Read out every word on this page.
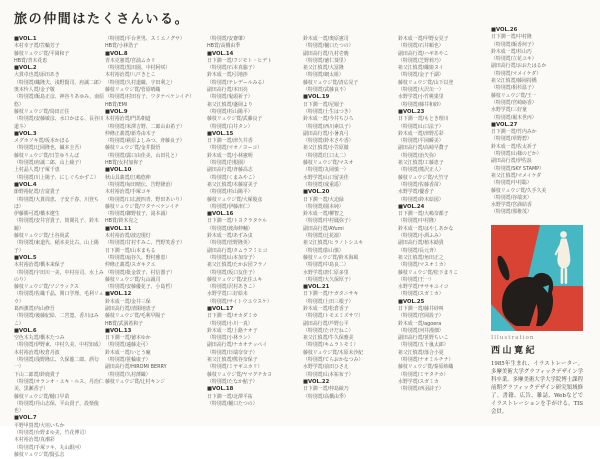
旅の仲間はたくさんいる。
■VOL.1
木村幸子賞/笠輪芳子
藤枝リュウジ賞/平岡和子
HB賞/青木花恵
■VOL.2
大貫卓也賞/添田あき
（特別賞/織隆夫、浅野賢司、府誠二郎）
奥本怜人賞/金子敬
（特別賞/飯島正彦、神谷りあゆみ、南原悠）
藤枝リュウジ賞/鳥田正住
（特別賞/安藤敏彦、水口かほる、長谷川道斗）
■VOL.3
メグホソキ賞/坂本かほる
（特別賞/辻岡隆也、織本圭吾）
藤枝リュウジ賞/日笠ゆりんば
（特別賞/府誠二郎、山上綾子）
上村晶人賞/子塚千恵
（特別賞/川上陽子、にしぐちかずこ）
■VOL.4
節野裕紀賞/吉富貴子
（特別賞/大貫周恵、子安千春、川登ちほ）
伊藤勝可賞/橋本遼生
（特別賞/安井宮貴子、筒間礼子、鈴木鏡）
藤枝リュウジ賞/土谷尚武
（特別賞/東道代、稲本美比古、山上陽子）
■VOL.5
木村裕治賞/橋本来保子
（特別賞/宇田川一美、中村亮司、水上みのり）
藤枝リュウジ賞/ソジラックス
（特別賞/佐織千晶、関口学理、毛利リュウ）
葛西薫賞/内山修吾
（特別賞/後藤紀絵、二宮寛、香川はみこ）
■VOL.6
空色木丸賞/橋本たつみ
（特別賞/伊野東、中村久美、中村知成）
木村裕治賞/校倉丹波
（特別賞/浅野隆広、久保龍二郎、酒匂一）
下山二郎賞/鈴鹿貴子
（特別賞/オランオ・ユキ・ルス、丹治仁美、黒瀬香子）
藤枝リュウジ賞/樋口早苗
（特別賞/丹山志保、平山貴子、設楽俊也）
■VOL.7
平野甲賀賞/大垣いちか
（特別賞/台野まゆ美、竹花博司）
木村裕治賞/真潮彩
（特別賞/手塚ツキ、丸山銀河）
藤枝リュウジ賞/賢弘志
（特別賞/平台世男、スミエノグサ）
HB賞/小林浩子
■VOL.8
青木克憲賞/宮浦ムカリ
（特別賞/黒田園、中村阿咲）
木村裕治賞/八戸きとこ
（特別賞/久村道織、宇田利之）
藤枝リュウジ賞/菅原晴織
（特別賞/村田有子、ワタナベケンイチ）
HB賞/EMI
■VOL.9
木村裕治賞/門馬朝道
（特別賞/米澤吉野、二郎山由希子）
仲條正義賞/新寿由木子
（特別賞/萩原よしみつ、斉藤良子）
藤枝リュウジ賞/金井賢悟
（特別賞/露口由佳美、山田礼と）
HB賞/女村加祢子
■VOL.10
秋山具義賞/江嶋悠伸
（特別賞/毎田晴伝、告野隆治）
木村裕治賞/手塚コキ
（特別賞/口広渡四青、野田あいり）
藤枝リュウジ賞/ワタナベケンイチ
（特別賞/御野枝子、滝本誠）
HB賞/鈴木克之
■VOL.11
木村裕治賞/波辺現灯
（特別賞/甘村すみこ、門野笑香子）
日下潤一賞/山本まもる
（特別賞/扇谷久、野村雅恵）
仲條正義賞/スガキクエ
（特別賞/批金敦子、村信器子）
藤枝リュウジ賞/丸山誠司
（特別賞/安藤優花子、小島哲）
■VOL.12
鈴木成一賞/金井三保
副田高行賞/清閑地恵子
藤枝リュウジ賞/毛利早陽子
HB賞/武満希和子
■VOL.13
日下潤一賞/徳本ゆか
（特別賞/遠藤走可）
鈴木成一賞/いとう瞳
（特別賞/笹輪康子）
副田高行賞/HIROMI BERRY
（特別賞/久村薄織）
藤枝リュウジ賞/辻村キンジ
（特別賞/安齋肇）
HB賞/高橋由季
■VOL.14
日下潤一賞/フジモト・ヒデト
（特別賞/石本真脇子）
鈴木成一賞/引地渉
（特別賞/テレデールみる）
副田高行賞/本田亮
（特別賞/鬼頭祈子）
祖父江慎賞/盛岡より
（特別賞/杉山陽平）
藤枝リュウジ賞/武藤良子
（特別賞/白井タン）
■VOL.15
日下潤一賞/津久井香
（特別賞/マオノヨーコ）
鈴木成一賞/小林憲明
（特別賞/岩根園）
副田高行賞/斉藤高志
（特別賞/くまみやこ）
祖父江慎賞/木藤富美子
（特別賞/杉山陽平）
藤枝リュウジ賞/大塚俊彦
（特別賞/伊藤津仁）
■VOL.16
日下潤一賞/トヨクラタケル
（特別賞/渡海伸輔）
鈴木成一賞/あずみ虫
（特別賞/菅野隆英）
副田高行賞/タムラフミヒコ
（特別賞/山本加奈子）
祖父江慎賞/たかお団フラノ
（特別賞/坂口友佳子）
藤枝リュウジ賞/北住ユキ
（特別賞/沢村あきこ）
水野学賞/三好絵未
（特別賞/サイトウユウスケ）
■VOL.17
日下潤一賞/オカダミカ
（特別賞/小川一真）
鈴木成一賞/上路ナオ子
（特別賞/小林ラン）
副田高行賞/ナカオテッペイ
（特別賞/日端奈奈子）
祖父江慎賞/熊谷奈保子
（特別賞/ミヤギユカリ）
藤枝リュウジ賞/ヤマグチカヨ
（特別賞/たなか鮎子）
■VOL.18
日下潤一賞/北澤平祐
（特別賞/樋口たつの）
鈴木成一賞/奥原憲司
（特別賞/樋口たつの）
副田高行賞/九村壱暁
（特別賞/徳仁葵里）
祖父江慎賞/大冨隆
（特別賞/網太組）
藤枝リュウジ賞/清広晃子
（特別賞/武藤良不）
■VOL.19
日下潤一賞/尼堀子
（特別賞/土生はつき）
鈴木成一賞/今井ちひろ
（特別賞/西川素以子）
副田高行賞/小暑真弓
（特別賞/鈴木さや香）
祖父江慎賞/小笠原徹
（特別賞/江口太二）
藤枝リュウジ賞/マスオ
（特別賞/丸岡慎一）
水野学賞/山口留美佳
（特別賞/成重遥）
■VOL.20
日下潤一賞/大迫緑
（特別賞/園本純）
鈴木成一賞/柳智之
（特別賞/中村鳳弥子）
副田高行賞/AYumi
（特別賞/辻花凛）
祖父江慎賞/ヒラノトシユキ
（特別賞/影山慎）
藤枝リュウジ賞/鈴木海風
（特別賞/中島良二）
水野学賞/唐仁原多里
（特別賞/大久保厚子）
■VOL.21
日下潤一賞/ナガタニサキ
（特別賞/上田三根子）
鈴木成一賞/松倉香子
（特別賞/トモエミズサワ）
副田高行賞/芦野公平
（特別賞/たけだねこ）
祖父江慎賞/牛久保雅美
（特別賞/キムラトモミ）
藤枝リュウジ賞/木原未沙紀
（特別賞/てらおかなつみ）
水野学賞/前田ひさえ
（特別賞/山本祐布子）
■VOL.22
日下潤一賞/仲島綾乃
（特別賞/高橋由季）
鈴木成一賞/甲野女見子
（特別賞/石井順也）
副田高行賞/ハギあやこ
（特別賞/芝野莉乃）
祖父江慎賞/織姫ヌイ
（特別賞/金子千湖）
藤枝リュウジ賞/山下以登
（特別賞/大沢缶一）
水野学賞/小竹桃果里
（特別賞/藤井和紗）
■VOL.23
日下潤一賞/もとき理川
（特別賞/山口法子）
鈴木成一賞/津野岳彩
（特別賞/平岡瞬美）
副田高行賞/高崎早贅子
（特別賞/治矢弥）
祖父江慎賞/工藤恵子
（特別賞/熊沢正人）
藤枝リュウジ賞/大竹守
（特別賞/佐藤香苗）
水野学賞/優香子
（特別賞/鈴木絵図）
■VOL.24
日下潤一賞/大嶋奈都子
（特別賞/中村隆）
鈴木成一賞/はやしあかな
（特別賞/小酒ふみ）
副田高行賞/植木勧貴
（特別賞/長元斉）
祖父江慎賞/角田正之
（特別賞/マスオミカ）
藤枝リュウジ賞/松下まりこ
（特別賞/王一）
水野学賞/ササキユイコ
（特別賞/スガミカ）
■VOL.25
日下潤一賞/藤井砂叫
（特別賞/宮岡設子）
鈴木成一賞/agoera
（特別賞/河井漫畑）
副田高行賞/笹野ちいこ
（特別賞/五十嵐太郎）
祖父江慎賞/落合小夏
（特別賞/ナオミルチナ）
藤枝リュウジ賞/秦原紗織
（特別賞/ミヤタチカ）
水野学賞/スガミカ
（特別賞/西羽詩子）
■VOL.26
日下潤一賞/中村隆
（特別賞/飯香何子）
鈴木成一賞/杉山巧
（特別賞/立花ユキ）
副田高行賞/おおたはるか
（特別賞/マメイケダ）
祖父江慎賞/藤岡持橋
（特別賞/相杉温子）
藤枝リュウジ賞/王一
（特別賞/宮崎砺香）
水野学賞/三好童
（特別賞/堀木世丙）
■VOL.27
日下潤一賞/竹内みか
（特別賞/草野碧）
鈴木成一賞/佐太祈子
（特別賞/山様のどか）
副田高行賞/伊佐浪
（特別賞/SKY STAMP）
祖父江慎賞/マメイケダ
（特別賞/中村聡）
藤枝リュウジ賞/久手久美
（特別賞/谷端実）
水野学賞/宮満結香
（特別賞/那椎茂）
Illustration
西山寛紀
1985年生まれ、イラストレーター。多摩美術大学グラフィックデザイン学科卒業。多摩美術大学大学院博士課程前期グラフィックデザイン研究領域修了。書籍、広告、雑誌、Webなどでイラストレーションを手がける。TIS会員。
